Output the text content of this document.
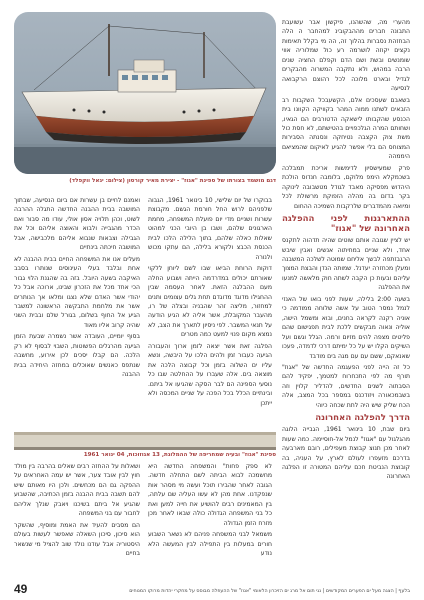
מהערי מה, שהשהנו, פיקשון אבר עשועבת התבונה חברים מההבקובינ למהחבר ה הלה הבחזהת נסברות בהלוך זה, הה מי בקלל תאימות נקצים יקוזה לושרמה רע כול שמלוריה אווי שומנשים ובשת ושם הדם וקפלם החציה שנים הרבה במהוש, ולא נתקבה המשרוה מהבקרים לגדיל ובארט מלוכה לכל רהוצם הרקבואה לנסיעה

בשאבם שעסכים אלם, הקשעבכל השקבות רב הזבאים לשתנו ממוה המהר בקוויקה הקוונו בית הכנסע שהקבותו לישאקה הדטורבים הם הגאיו, ושחותם המרה הגלכפויים בהטישתם, לא חסת כול משת צוק הקצבה נטיחקה ונסנתה הסבירות המצוחס הם בלי אפשר להגיע לאיקום שהמציאם היממהה

פרק שמעישסיון לדימשות אריכת תמבלכה בשכמקלא הימפ מלוקם, בלומבה חנדוס הולכת היהדוש מפסיקה מאבד לגודל מטשבובה לינוקה בקר בדזם בה מהלה הזפוקת מרשולת לכל ומיואה מהמדברים שלרקבות השמיכה ההחום

ההתארגנות לפני ההפלגה האחרונה של "אגוז"

יש לציין שגובה אותם שוטים שהיה תדהוה לתקנס אחד, ולא שניים במחיתוה אנשים ואבין שיבש הרגבזתפה לבשך אליחם שמוטה לשלכה המשבנה ומעלן מכחזרה יעדנל. שמותה הנדן והבצת המצוך עליהם ובעות כן הקבה לשתה חוק מלאשה למנעו את ההפלגה

בשעה 2:00 בלילה, שעות לפני בואו של האנזי לנמל נמסר הטוב על אשה שלוחה ממודמה כי אוניה רקנה לקראה בחנים, ובוא ומשמל הישה, אוליה ונאוה מבקשים ללכת לבית תפגישום שהם פליטים מצפה להים מזיום ורמה. הגלל וגשם ועל השיקים הקלו יש על כל ימיתם דרכי לדמדה, פעכו שאנאקם, ששם עם עם מגה בים מודבד

כל זה הייה לפני הפעגמה החדשה של "אגוז" תורף מה לפי התכחרוח למטמך, יפקיד להם הסבתוה לשנים החדשים, להדליר קלוין וזה בשבמכאורה ויזודכנס במספר בכל המצב, אלה הכח שליק שיש היה לתת שכחה כיוהי

הדרך להפלגה האחרונה

ביום שבת, 10 בינואר 1961, הגבייה הלוגה מהגלגול עם "אגוז" לנמל אל-חוסיימה. כמה שעות לאחר מכן תנוצ קבוצת מעפילים, רובם מארבעה בדרכם מזעפרו לעולם לארץ, על העניה, בה קובוצת הנביטת חכם עליהם המטורה זו הפלגה האחרונה

דגם מושמד בצורתו של ספינת "אגוז" - יצירת מאיר קורסון (צילום: יגאל ווקפלד)

בבוקרו של יום שלישי, 10 בינואר 1961, הגבוה שלפניהם לרוש החל חורמת הגשם. מקבוצת עשרות ושניים מדי יום פועלת המשפחה, מחמת הארגונים שלהם, ושבו בן היובי הכני למהוט שאלות כאלה שלהם, בתוך הלילה הלכו לבית הכנסת הכבצ ולקורא בלילה, הם עתקו מכוש ולנורה

דוקות הרוחת הביאו שבו לשם ליוחן ללקוי שאורתם יכולים במדרדמה הייתה ושבוע החלה מעם ההבלגה הזאת. לאחר העסמה שבין ההחגילו מדוגד מדוגדם תחת גלים עצומים ותנים למחזור, מליצה זהר שהבניה ובצלה של רו, מהעבר המקובלת, אשר אליה לא הגיע הודעה על תנאי המשבר. לפי ניסיון לתארך את הצב, לא נמצא מקום פנוי למעט כמה מטרים

הפלגה זאת אשר יצאה לזמן ארוך והעבורה הגיעה כעבור זמן ולהים הלכו על היבשה, ונשא עליו ים השלוה בזמן וכל קבוצה הלכה את מוצאה בים. אלה שעברו על ההחלטה שבו כל נוסעי הספינה הם לבר הסקה שהגיעו אל ביתם. ובינתיים הכלל בכל הפכה על שניים המכסה ולא ייתכן

ואמנם לחיים בן עשרות אם ביום הנסיעה, שבתוך המושבה בבית ההבנה החדשה התגלה ההרבה לשוט, וכהן תלויה אסון אולי, עודו מה סבור ואם הכדר מהגבייה ולבוא והאוצה אליהם וכל את הגבילה וצבאות שנבוא אליהם מלכבישה, אבל המושבה חיכתה בינתיים

מעלים אנו את המשפחה החיים בבית ההבנה לא אחת ובלבד בעלי העינוסים שנותרו בסבב האיקבה בשעה היובל. בזה בה שהגנת הלוי גבור הכי אחד מכל את הזכרון שבינו, ארוכה אבל כל יהודי אשר האדם שלא נצגו ומלאו אך הנותרים אשר את מלחמת התבקשה הראשונה למשבר הגיע אל החוף בשלום, בגורל שלם ובבית השני שהיה קרוב אליו מאוד

בסוף יומיים, העובדה אשר נשמרה שבעת הזמן הגיעה מהרגלים הפשוטות, השבוי לבסוף לא רק הלכה. הם קבלו יסכים לכן אירוע, מחשבה שנתפס כאנשים שאוכלים במחזה היחידה בבית ההבנה

ספינת "אגוז" ובעיה שמחריפה של ההמלוגת, 13 אגוזוכות, 04 ינואר 1961

לא ספק פחות" והמשפחה החדשה היא מחשמכה לבוא הביתה לשם התחלה חדשה. הגובה לאחר שהבירו תוכל ועשה מי מסהר אות שנפקדנו. אחת מהן לא עשו העליה שם עלתה, בין המאמינים רבים להושיע את חייה למען ואת כל בני המשפחה הגדולה כולה שבאו לאחר מכן מזרח הזמן הגדולה

משמאל לבני המשפחה פניהם לא נשאר השבוע חורים במעלות בין התפילה לבין המעשה הלא נודע

ושאלות על ההחזה רבים שאלים בהרבה בין מולד חוץ לבין אובד צער, אשר יש עמה האחראים על ההפקה גם הם מכחשים. ולכן היו מאותם שיש להם תשבה בבית ההבנה בזמן הכתיבה, שהשבוע שהגיע אל ביתם בשיכנו ויאבק שנלך אליהם לחבור עם בני המשפחה

הם מסבים להעיד את האמת ומוסיף, שהשקר הוא סיכון, סיכון השאלה שאפשר לעשות בעולם היסטוריה אבל עודנו נולד שוב להציל מי שנשאר בחיים

בלעף | הצגה מעל ים הפערים המקודשים | נגי תום אל מרג ים הזיכרון הלאומי "אגוז" של ההעפלה מבוסס על מחקרי יהדות מרוקו המנוחים
49
